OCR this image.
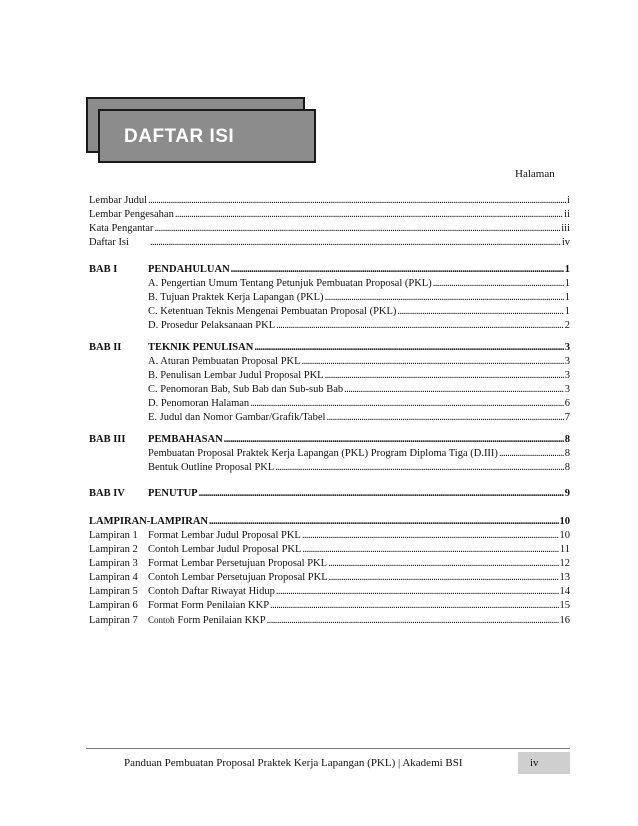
DAFTAR ISI
Halaman
Lembar Judul . . .	i
Lembar Pengesahan . . .	ii
Kata Pengantar . . .	iii
Daftar Isi . . .	iv
BAB I	PENDAHULUAN . . .	1
A. Pengertian Umum Tentang Petunjuk Pembuatan Proposal (PKL) . . .	1
B. Tujuan Praktek Kerja Lapangan (PKL) . . .	1
C. Ketentuan Teknis Mengenai Pembuatan Proposal (PKL) . . .	1
D. Prosedur Pelaksanaan PKL . . .	2
BAB II	TEKNIK PENULISAN . . .	3
A. Aturan Pembuatan Proposal PKL . . .	3
B. Penulisan Lembar Judul Proposal PKL . . .	3
C. Penomoran Bab, Sub Bab dan Sub-sub Bab . . .	3
D. Penomoran Halaman . . .	6
E. Judul dan Nomor Gambar/Grafik/Tabel . . .	7
BAB III PEMBAHASAN . . .	8
Pembuatan Proposal Praktek Kerja Lapangan (PKL) Program Diploma Tiga (D.III) . . .	8
Bentuk Outline Proposal PKL . . .	8
BAB IV PENUTUP . . .	9
LAMPIRAN-LAMPIRAN . . .	10
Lampiran 1 Format Lembar Judul Proposal PKL . . .	10
Lampiran 2 Contoh Lembar Judul Proposal PKL . . .	11
Lampiran 3 Format Lembar Persetujuan Proposal PKL . . .	12
Lampiran 4 Contoh Lembar Persetujuan Proposal PKL . . .	13
Lampiran 5 Contoh Daftar Riwayat Hidup . . .	14
Lampiran 6 Format Form Penilaian KKP . . .	15
Lampiran 7	Contoh Form Penilaian KKP . . .	16
Panduan Pembuatan Proposal Praktek Kerja Lapangan (PKL) | Akademi BSI	iv
